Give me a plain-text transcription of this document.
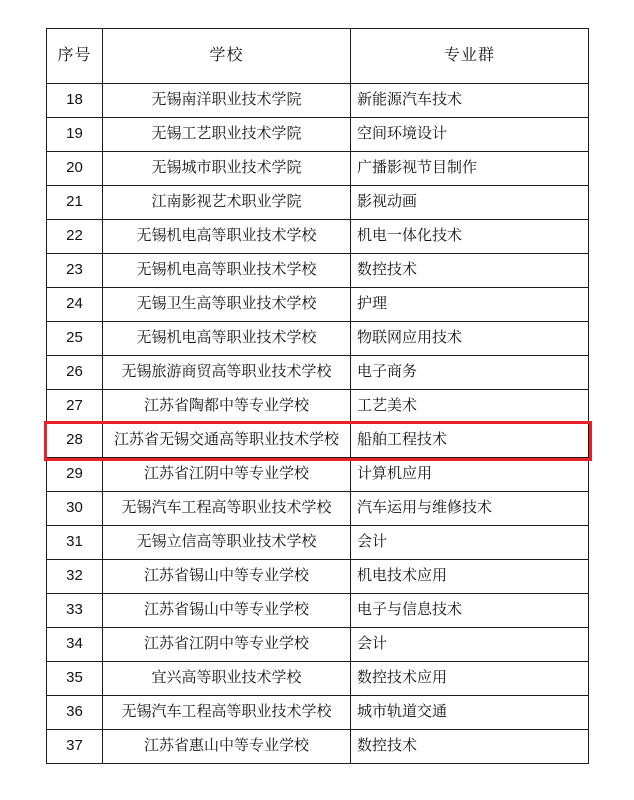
序号	学校	专业群
18	无锡南洋职业技术学院	新能源汽车技术
19	无锡工艺职业技术学院	空间环境设计
20	无锡城市职业技术学院	广播影视节目制作
21	江南影视艺术职业学院	影视动画
22	无锡机电高等职业技术学校	机电一体化技术
23	无锡机电高等职业技术学校	数控技术
24	无锡卫生高等职业技术学校	护理
25	无锡机电高等职业技术学校	物联网应用技术
26	无锡旅游商贸高等职业技术学校	电子商务
27	江苏省陶都中等专业学校	工艺美术
28	江苏省无锡交通高等职业技术学校	船舶工程技术
29	江苏省江阴中等专业学校	计算机应用
30	无锡汽车工程高等职业技术学校	汽车运用与维修技术
31	无锡立信高等职业技术学校	会计
32	江苏省锡山中等专业学校	机电技术应用
33	江苏省锡山中等专业学校	电子与信息技术
34	江苏省江阴中等专业学校	会计
35	宜兴高等职业技术学校	数控技术应用
36	无锡汽车工程高等职业技术学校	城市轨道交通
37	江苏省惠山中等专业学校	数控技术
